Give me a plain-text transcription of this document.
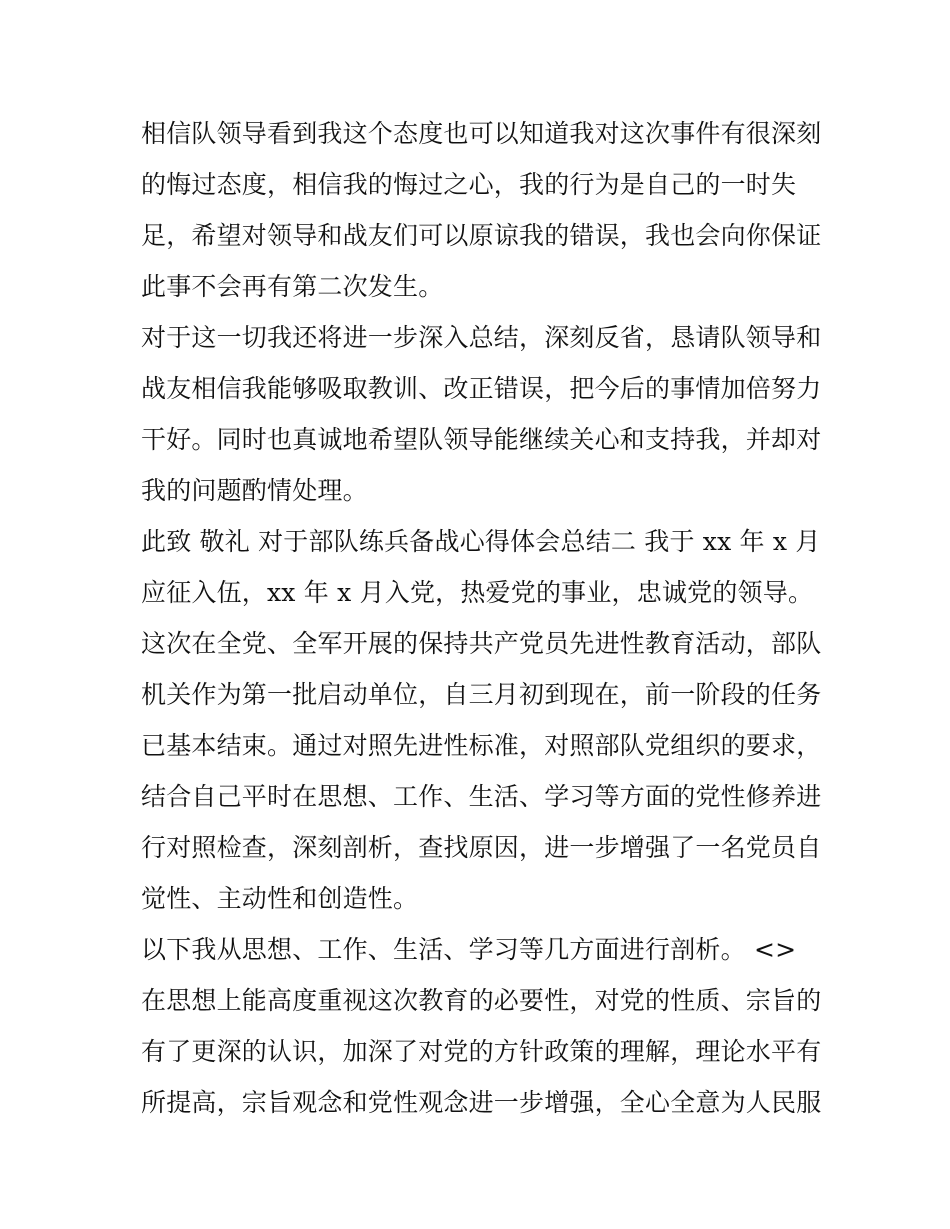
相信队领导看到我这个态度也可以知道我对这次事件有很深刻
的悔过态度，相信我的悔过之心，我的行为是自己的一时失
足，希望对领导和战友们可以原谅我的错误，我也会向你保证
此事不会再有第二次发生。
对于这一切我还将进一步深入总结，深刻反省，恳请队领导和
战友相信我能够吸取教训、改正错误，把今后的事情加倍努力
干好。同时也真诚地希望队领导能继续关心和支持我，并却对
我的问题酌情处理。
此致 敬礼 对于部队练兵备战心得体会总结二 我于 xx 年 x 月
应征入伍，xx 年 x 月入党，热爱党的事业，忠诚党的领导。
这次在全党、全军开展的保持共产党员先进性教育活动，部队
机关作为第一批启动单位，自三月初到现在，前一阶段的任务
已基本结束。通过对照先进性标准，对照部队党组织的要求，
结合自己平时在思想、工作、生活、学习等方面的党性修养进
行对照检查，深刻剖析，查找原因，进一步增强了一名党员自
觉性、主动性和创造性。
以下我从思想、工作、生活、学习等几方面进行剖析。 <>
在思想上能高度重视这次教育的必要性，对党的性质、宗旨的
有了更深的认识，加深了对党的方针政策的理解，理论水平有
所提高，宗旨观念和党性观念进一步增强，全心全意为人民服
